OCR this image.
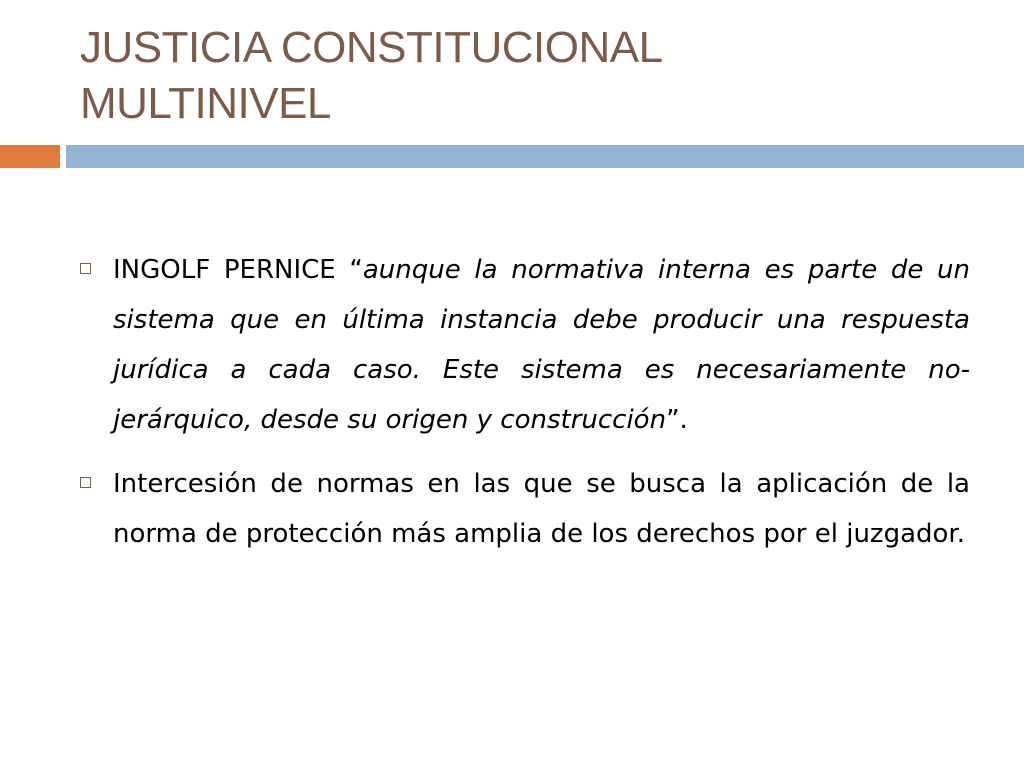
JUSTICIA CONSTITUCIONAL
MULTINIVEL
INGOLF PERNICE “aunque la normativa interna es parte de un sistema que en última instancia debe producir una respuesta jurídica a cada caso. Este sistema es necesariamente no-jerárquico, desde su origen y construcción”.
Intercesión de normas en las que se busca la aplicación de la norma de protección más amplia de los derechos por el juzgador.
